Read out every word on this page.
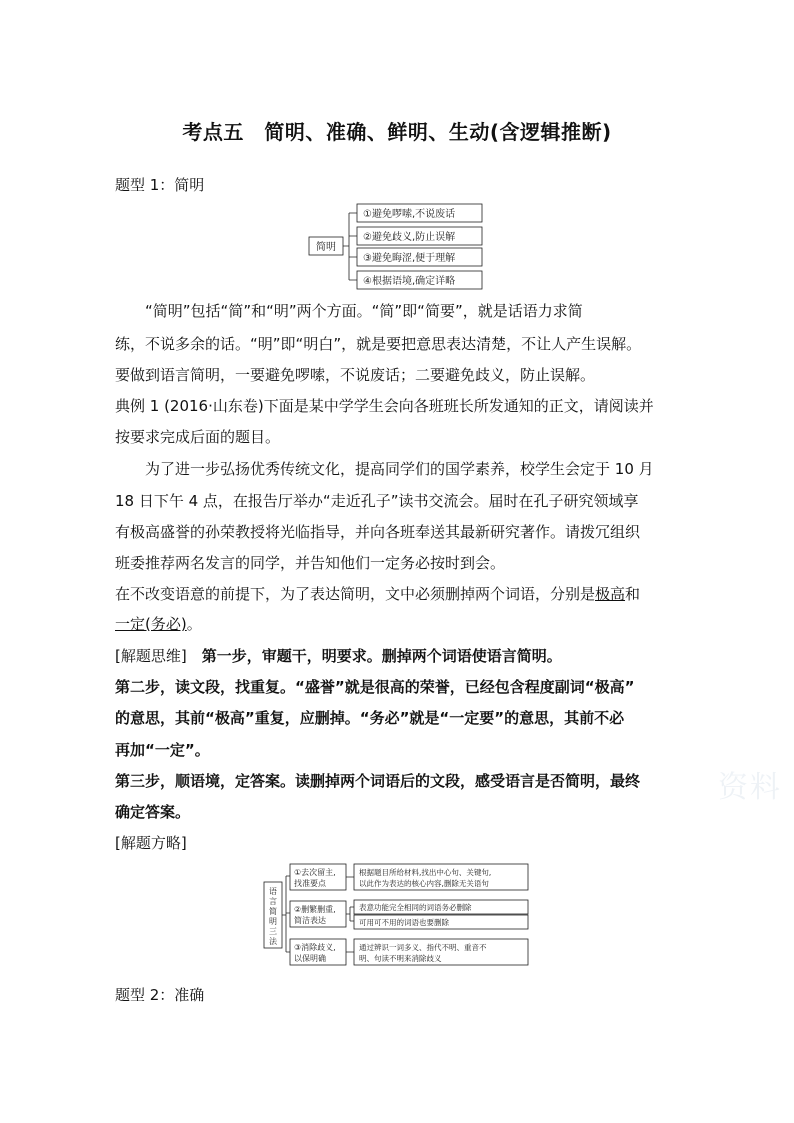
考点五　简明、准确、鲜明、生动(含逻辑推断)
题型 1：简明
简明
①避免啰嗦,不说废话
②避免歧义,防止误解
③避免晦涩,便于理解
④根据语境,确定详略
“简明”包括“简”和“明”两个方面。“简”即“简要”，就是话语力求简
练，不说多余的话。“明”即“明白”，就是要把意思表达清楚，不让人产生误解。
要做到语言简明，一要避免啰嗦，不说废话；二要避免歧义，防止误解。
典例 1 (2016·山东卷)下面是某中学学生会向各班班长所发通知的正文，请阅读并
按要求完成后面的题目。
为了进一步弘扬优秀传统文化，提高同学们的国学素养，校学生会定于 10 月
18 日下午 4 点，在报告厅举办“走近孔子”读书交流会。届时在孔子研究领域享
有极高盛誉的孙荣教授将光临指导，并向各班奉送其最新研究著作。请拨冗组织
班委推荐两名发言的同学，并告知他们一定务必按时到会。
在不改变语意的前提下，为了表达简明，文中必须删掉两个词语，分别是极高和
一定(务必)。
[解题思维] 第一步，审题干，明要求。删掉两个词语使语言简明。
第二步，读文段，找重复。“盛誉”就是很高的荣誉，已经包含程度副词“极高”
的意思，其前“极高”重复，应删掉。“务必”就是“一定要”的意思，其前不必
再加“一定”。
第三步，顺语境，定答案。读删掉两个词语后的文段，感受语言是否简明，最终
确定答案。
[解题方略]
语
言
简
明
三
法
①去次留主,
找准要点
②删繁删重,
简洁表达
③消除歧义,
以保明确
根据题目所给材料,找出中心句、关键句,
以此作为表达的核心内容,删除无关语句
表意功能完全相同的词语务必删除
可用可不用的词语也要删除
通过辨识一词多义、指代不明、重音不
明、句读不明来消除歧义
资料
题型 2：准确
